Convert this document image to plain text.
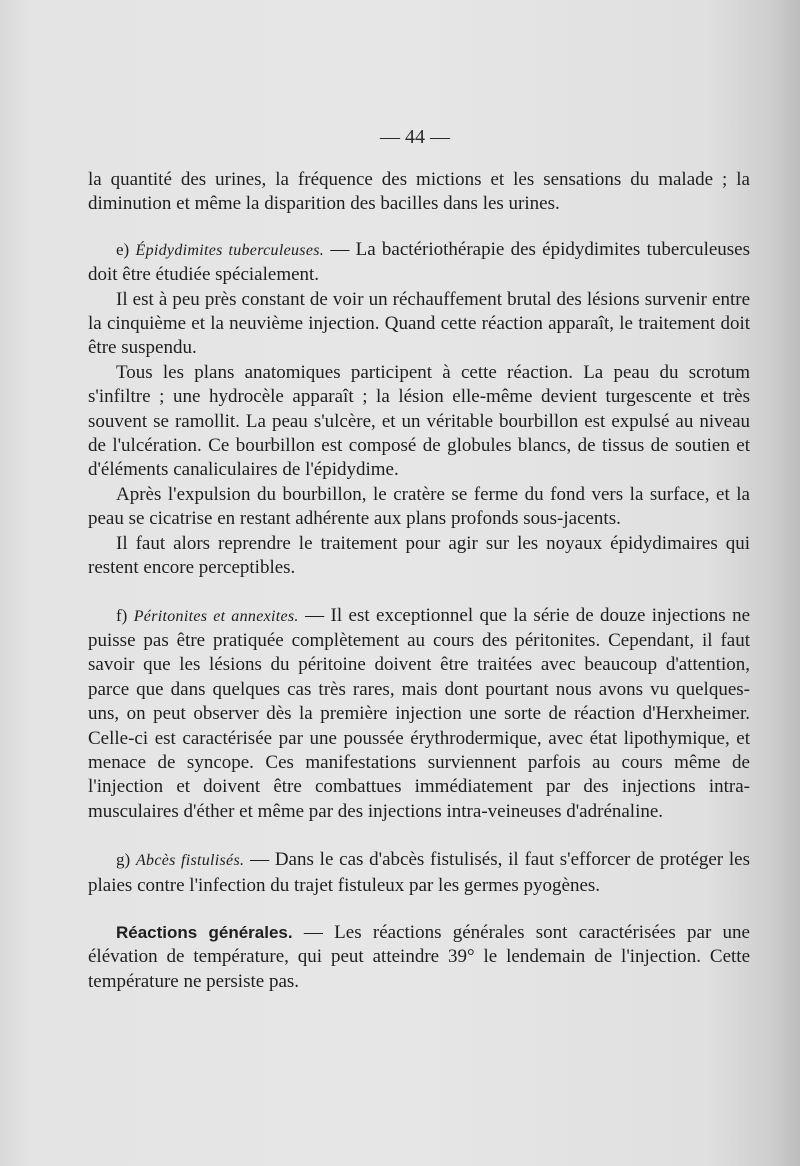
— 44 —

la quantité des urines, la fréquence des mictions et les sensations du malade ; la diminution et même la disparition des bacilles dans les urines.

e) Épidydimites tuberculeuses. — La bactériothérapie des épidydimites tuberculeuses doit être étudiée spécialement.

Il est à peu près constant de voir un réchauffement brutal des lésions survenir entre la cinquième et la neuvième injection. Quand cette réaction apparaît, le traitement doit être suspendu.

Tous les plans anatomiques participent à cette réaction. La peau du scrotum s'infiltre ; une hydrocèle apparaît ; la lésion elle-même devient turgescente et très souvent se ramollit. La peau s'ulcère, et un véritable bourbillon est expulsé au niveau de l'ulcération. Ce bourbillon est composé de globules blancs, de tissus de soutien et d'éléments canaliculaires de l'épidydime.

Après l'expulsion du bourbillon, le cratère se ferme du fond vers la surface, et la peau se cicatrise en restant adhérente aux plans profonds sous-jacents.

Il faut alors reprendre le traitement pour agir sur les noyaux épidydimaires qui restent encore perceptibles.

f) Péritonites et annexites. — Il est exceptionnel que la série de douze injections ne puisse pas être pratiquée complètement au cours des péritonites. Cependant, il faut savoir que les lésions du péritoine doivent être traitées avec beaucoup d'attention, parce que dans quelques cas très rares, mais dont pourtant nous avons vu quelques-uns, on peut observer dès la première injection une sorte de réaction d'Herxheimer. Celle-ci est caractérisée par une poussée érythrodermique, avec état lipothymique, et menace de syncope. Ces manifestations surviennent parfois au cours même de l'injection et doivent être combattues immédiatement par des injections intra-musculaires d'éther et même par des injections intra-veineuses d'adrénaline.

g) Abcès fistulisés. — Dans le cas d'abcès fistulisés, il faut s'efforcer de protéger les plaies contre l'infection du trajet fistuleux par les germes pyogènes.

Réactions générales. — Les réactions générales sont caractérisées par une élévation de température, qui peut atteindre 39° le lendemain de l'injection. Cette température ne persiste pas.
